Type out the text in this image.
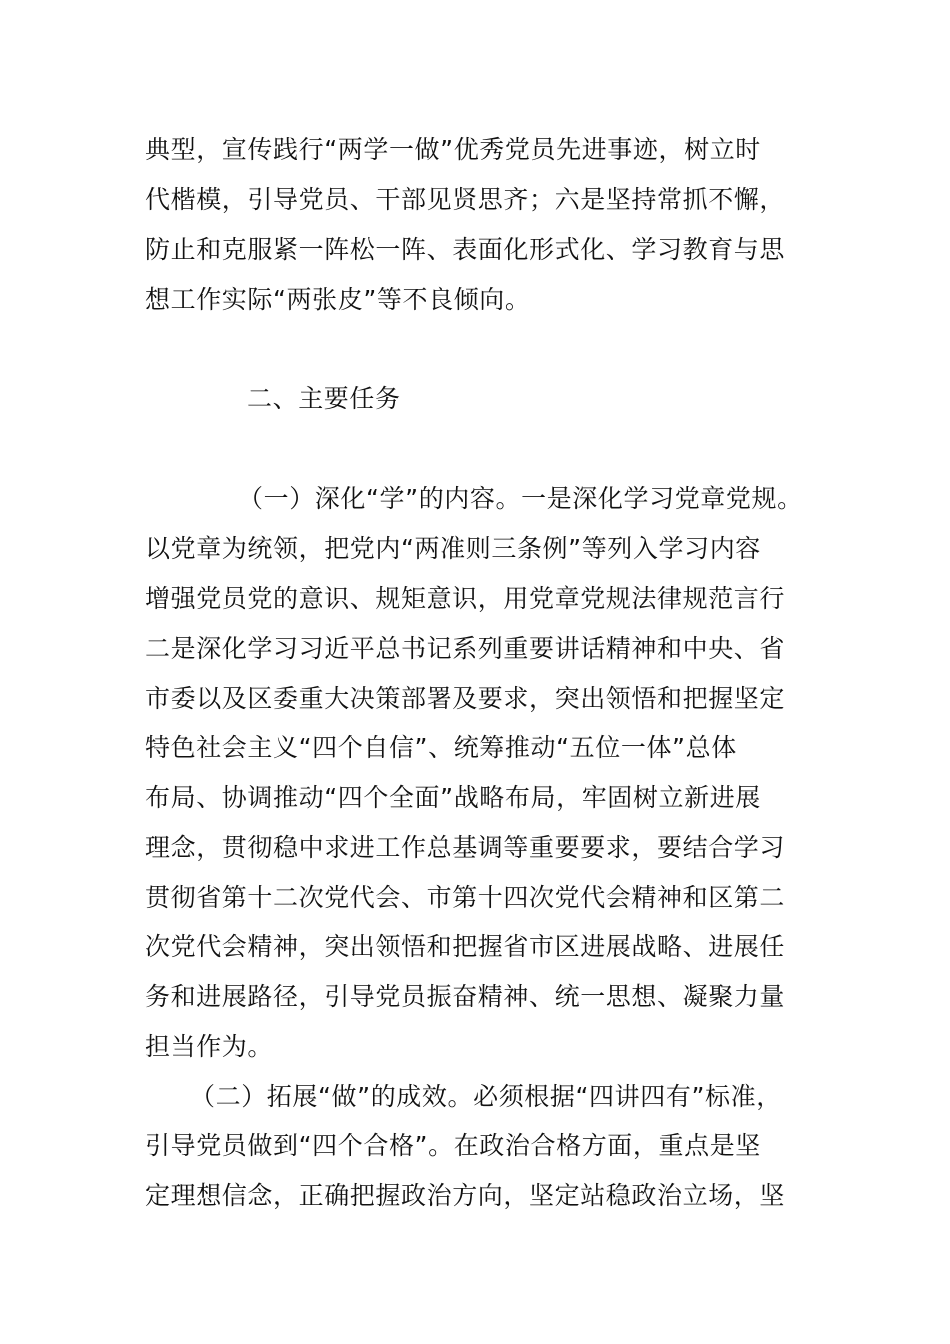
典型，宣传践行“两学一做”优秀党员先进事迹，树立时
代楷模，引导党员、干部见贤思齐；六是坚持常抓不懈，
防止和克服紧一阵松一阵、表面化形式化、学习教育与思
想工作实际“两张皮”等不良倾向。
二、主要任务
（一）深化“学”的内容。一是深化学习党章党规。
以党章为统领，把党内“两准则三条例”等列入学习内容
增强党员党的意识、规矩意识，用党章党规法律规范言行
二是深化学习习近平总书记系列重要讲话精神和中央、省
市委以及区委重大决策部署及要求，突出领悟和把握坚定
特色社会主义“四个自信”、统筹推动“五位一体”总体
布局、协调推动“四个全面”战略布局，牢固树立新进展
理念，贯彻稳中求进工作总基调等重要要求，要结合学习
贯彻省第十二次党代会、市第十四次党代会精神和区第二
次党代会精神，突出领悟和把握省市区进展战略、进展任
务和进展路径，引导党员振奋精神、统一思想、凝聚力量
担当作为。
（二）拓展“做”的成效。必须根据“四讲四有”标准，
引导党员做到“四个合格”。在政治合格方面，重点是坚
定理想信念，正确把握政治方向，坚定站稳政治立场，坚
